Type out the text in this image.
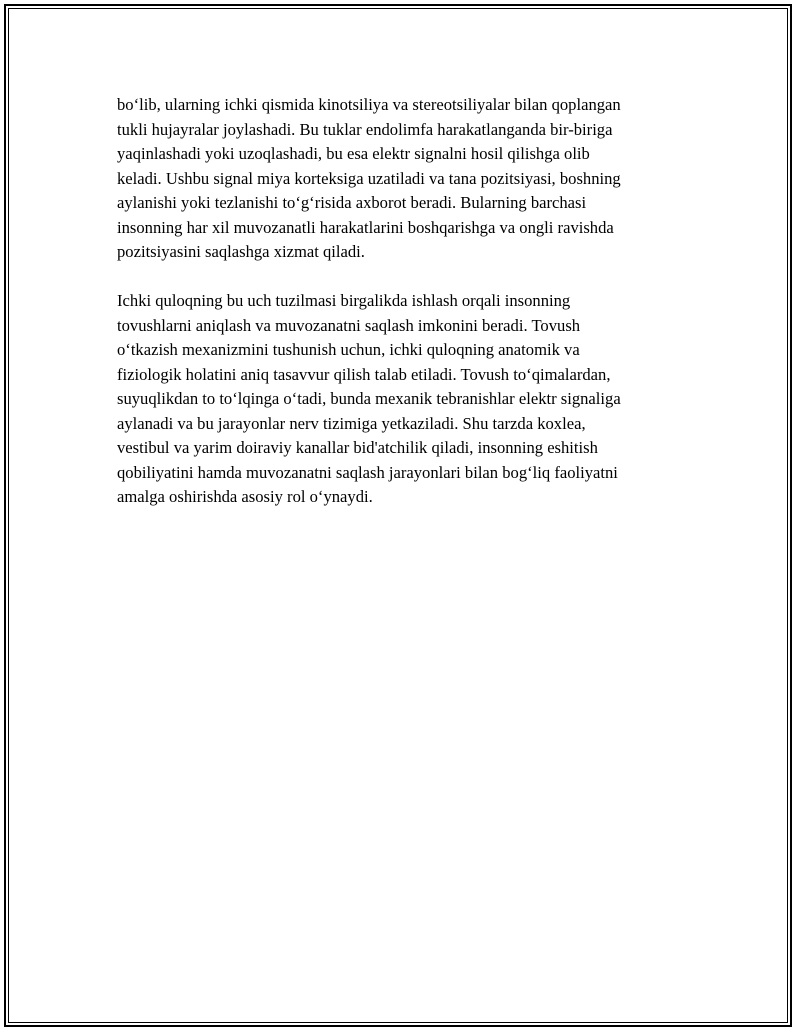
bo‘lib, ularning ichki qismida kinotsiliya va stereotsiliyalar bilan qoplangan
tukli hujayralar joylashadi. Bu tuklar endolimfa harakatlanganda bir-biriga
yaqinlashadi yoki uzoqlashadi, bu esa elektr signalni hosil qilishga olib
keladi. Ushbu signal miya korteksiga uzatiladi va tana pozitsiyasi, boshning
aylanishi yoki tezlanishi to‘g‘risida axborot beradi. Bularning barchasi
insonning har xil muvozanatli harakatlarini boshqarishga va ongli ravishda
pozitsiyasini saqlashga xizmat qiladi.

Ichki quloqning bu uch tuzilmasi birgalikda ishlash orqali insonning
tovushlarni aniqlash va muvozanatni saqlash imkonini beradi. Tovush
o‘tkazish mexanizmini tushunish uchun, ichki quloqning anatomik va
fiziologik holatini aniq tasavvur qilish talab etiladi. Tovush to‘qimalardan,
suyuqlikdan to to‘lqinga o‘tadi, bunda mexanik tebranishlar elektr signaliga
aylanadi va bu jarayonlar nerv tizimiga yetkaziladi. Shu tarzda koxlea,
vestibul va yarim doiraviy kanallar bid'atchilik qiladi, insonning eshitish
qobiliyatini hamda muvozanatni saqlash jarayonlari bilan bog‘liq faoliyatni
amalga oshirishda asosiy rol o‘ynaydi.
